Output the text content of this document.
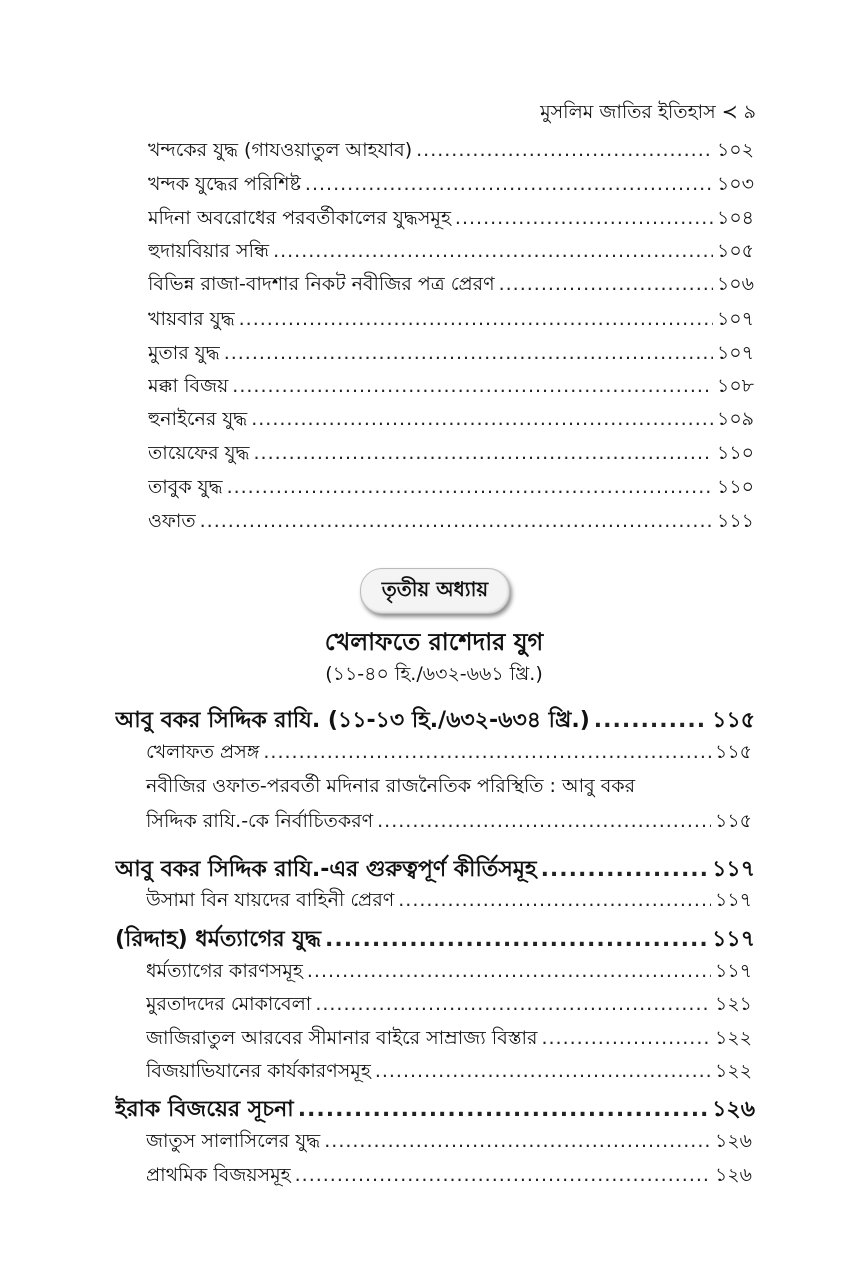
মুসলিম জাতির ইতিহাস ≺ ৯
খন্দকের যুদ্ধ (গাযওয়াতুল আহযাব) .....	১০২
খন্দক যুদ্ধের পরিশিষ্ট .....	১০৩
মদিনা অবরোধের পরবর্তীকালের যুদ্ধসমূহ .....	১০৪
হুদায়বিয়ার সন্ধি .....	১০৫
বিভিন্ন রাজা-বাদশার নিকট নবীজির পত্র প্রেরণ .....	১০৬
খায়বার যুদ্ধ .....	১০৭
মুতার যুদ্ধ .....	১০৭
মক্কা বিজয় .....	১০৮
হুনাইনের যুদ্ধ .....	১০৯
তায়েফের যুদ্ধ .....	১১০
তাবুক যুদ্ধ .....	১১০
ওফাত .....	১১১
তৃতীয় অধ্যায়
খেলাফতে রাশেদার যুগ
(১১-৪০ হি./৬৩২-৬৬১ খ্রি.)
আবু বকর সিদ্দিক রাযি. (১১-১৩ হি./৬৩২-৬৩৪ খ্রি.) .....	১১৫
খেলাফত প্রসঙ্গ .....	১১৫
নবীজির ওফাত-পরবর্তী মদিনার রাজনৈতিক পরিস্থিতি : আবু বকর
সিদ্দিক রাযি.-কে নির্বাচিতকরণ .....	১১৫
আবু বকর সিদ্দিক রাযি.-এর গুরুত্বপূর্ণ কীর্তিসমূহ .....	১১৭
উসামা বিন যায়দের বাহিনী প্রেরণ .....	১১৭
(রিদ্দাহ) ধর্মত্যাগের যুদ্ধ .....	১১৭
ধর্মত্যাগের কারণসমূহ .....	১১৭
মুরতাদদের মোকাবেলা .....	১২১
জাজিরাতুল আরবের সীমানার বাইরে সাম্রাজ্য বিস্তার .....	১২২
বিজয়াভিযানের কার্যকারণসমূহ .....	১২২
ইরাক বিজয়ের সূচনা .....	১২৬
জাতুস সালাসিলের যুদ্ধ .....	১২৬
প্রাথমিক বিজয়সমূহ .....	১২৬
